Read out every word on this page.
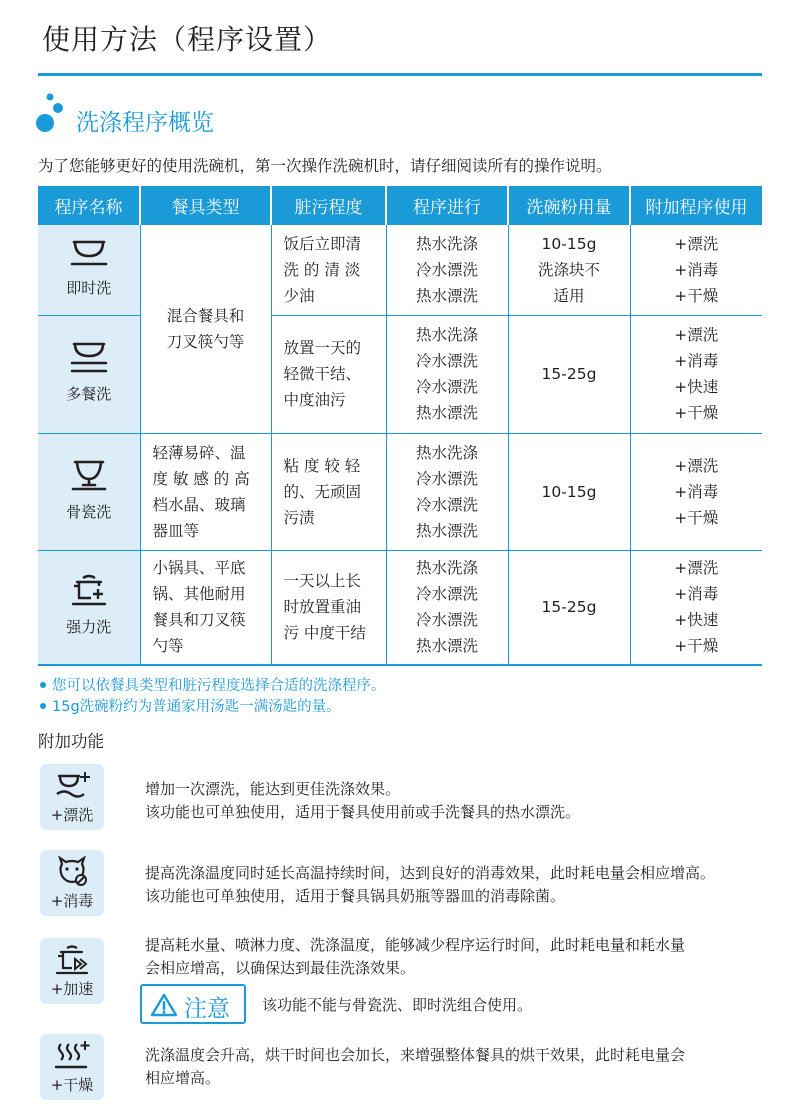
使用方法（程序设置）
洗涤程序概览
为了您能够更好的使用洗碗机，第一次操作洗碗机时，请仔细阅读所有的操作说明。
程序名称	餐具类型	脏污程度	程序进行	洗碗粉用量	附加程序使用

即时洗	混合餐具和
刀叉筷勺等	饭后立即清
洗 的 清 淡
少油	热水洗涤
冷水漂洗
热水漂洗	10-15g
洗涤块不
适用	+漂洗
+消毒
+干燥

多餐洗		放置一天的
轻微干结、
中度油污	热水洗涤
冷水漂洗
冷水漂洗
热水漂洗	15-25g	+漂洗
+消毒
+快速
+干燥

骨瓷洗	轻薄易碎、温
度 敏 感 的 高
档水晶、玻璃
器皿等	粘 度 较 轻
的、无顽固
污渍	热水洗涤
冷水漂洗
冷水漂洗
热水漂洗	10-15g	+漂洗
+消毒
+干燥

强力洗	小锅具、平底
锅、其他耐用
餐具和刀叉筷
勺等	一天以上长
时放置重油
污 中度干结	热水洗涤
冷水漂洗
冷水漂洗
热水漂洗	15-25g	+漂洗
+消毒
+快速
+干燥
您可以依餐具类型和脏污程度选择合适的洗涤程序。
15g洗碗粉约为普通家用汤匙一满汤匙的量。
附加功能
+漂洗
增加一次漂洗，能达到更佳洗涤效果。
该功能也可单独使用，适用于餐具使用前或手洗餐具的热水漂洗。
+消毒
提高洗涤温度同时延长高温持续时间，达到良好的消毒效果，此时耗电量会相应增高。
该功能也可单独使用，适用于餐具锅具奶瓶等器皿的消毒除菌。
+加速
提高耗水量、喷淋力度、洗涤温度，能够减少程序运行时间，此时耗电量和耗水量
会相应增高，以确保达到最佳洗涤效果。
注意 该功能不能与骨瓷洗、即时洗组合使用。
+干燥
洗涤温度会升高，烘干时间也会加长，来增强整体餐具的烘干效果，此时耗电量会
相应增高。
